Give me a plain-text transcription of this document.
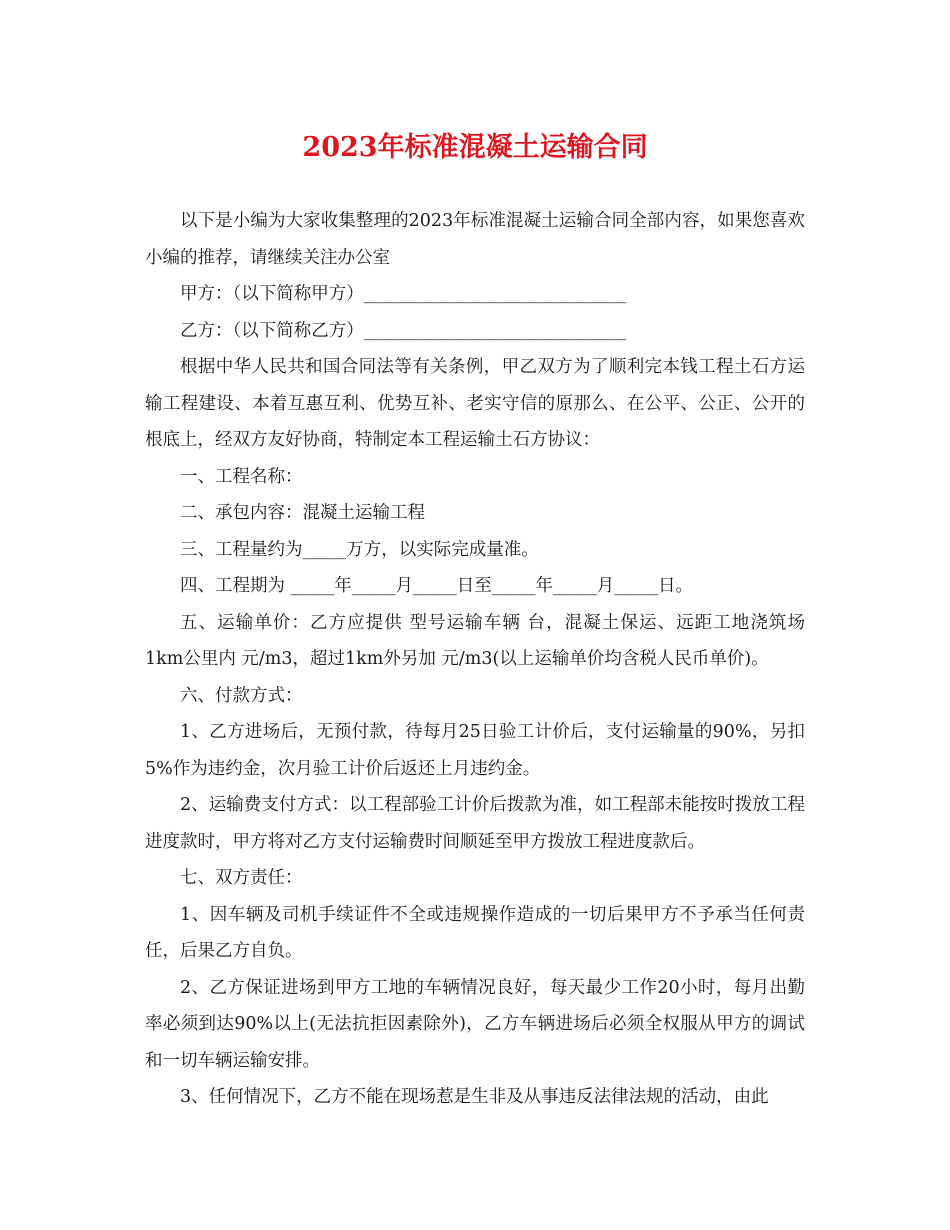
2023年标准混凝土运输合同

以下是小编为大家收集整理的2023年标准混凝土运输合同全部内容，如果您喜欢小编的推荐，请继续关注办公室

甲方：（以下简称甲方）______________________________

乙方：（以下简称乙方）______________________________

根据中华人民共和国合同法等有关条例，甲乙双方为了顺利完本钱工程土石方运输工程建设、本着互惠互利、优势互补、老实守信的原那么、在公平、公正、公开的根底上，经双方友好协商，特制定本工程运输土石方协议：

一、工程名称：

二、承包内容：混凝土运输工程

三、工程量约为_____万方，以实际完成量准。

四、工程期为 _____年_____月_____日至_____年_____月_____日。

五、运输单价：乙方应提供 型号运输车辆 台，混凝土保运、远距工地浇筑场1km公里内 元/m3，超过1km外另加 元/m3(以上运输单价均含税人民币单价)。

六、付款方式：

1、乙方进场后，无预付款，待每月25日验工计价后，支付运输量的90%，另扣5%作为违约金，次月验工计价后返还上月违约金。

2、运输费支付方式：以工程部验工计价后拨款为准，如工程部未能按时拨放工程进度款时，甲方将对乙方支付运输费时间顺延至甲方拨放工程进度款后。

七、双方责任：

1、因车辆及司机手续证件不全或违规操作造成的一切后果甲方不予承当任何责任，后果乙方自负。

2、乙方保证进场到甲方工地的车辆情况良好，每天最少工作20小时，每月出勤率必须到达90%以上(无法抗拒因素除外)，乙方车辆进场后必须全权服从甲方的调试和一切车辆运输安排。

3、任何情况下，乙方不能在现场惹是生非及从事违反法律法规的活动，由此
